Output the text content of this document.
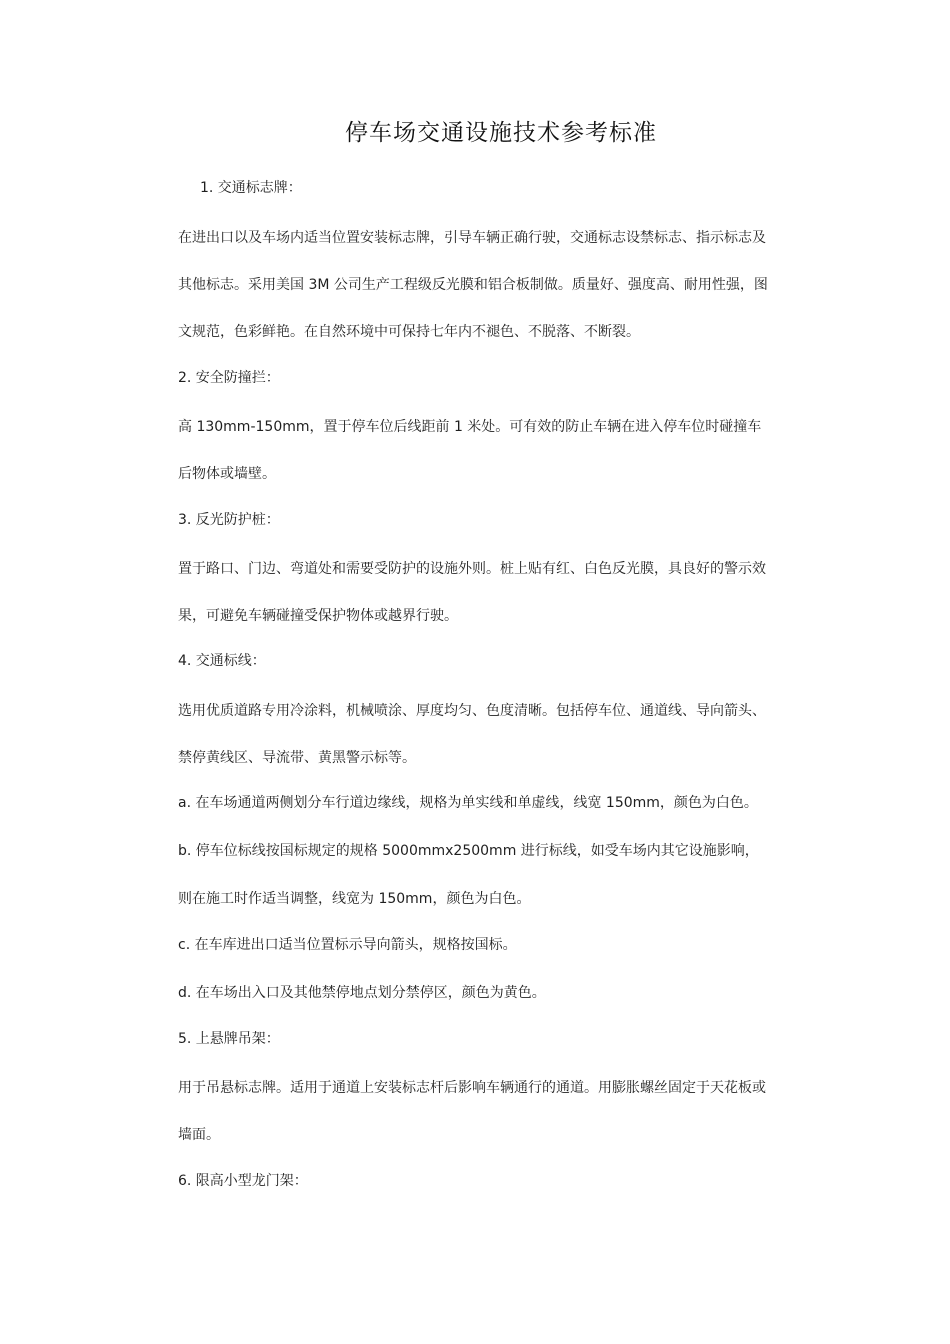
停车场交通设施技术参考标准
1. 交通标志牌：
在进出口以及车场内适当位置安装标志牌，引导车辆正确行驶，交通标志设禁标志、指示标志及
其他标志。采用美国 3M 公司生产工程级反光膜和铝合板制做。质量好、强度高、耐用性强，图
文规范，色彩鲜艳。在自然环境中可保持七年内不褪色、不脱落、不断裂。
2. 安全防撞拦：
高 130mm-150mm，置于停车位后线距前 1 米处。可有效的防止车辆在进入停车位时碰撞车
后物体或墙壁。
3. 反光防护桩：
置于路口、门边、弯道处和需要受防护的设施外则。桩上贴有红、白色反光膜，具良好的警示效
果，可避免车辆碰撞受保护物体或越界行驶。
4. 交通标线：
选用优质道路专用冷涂料，机械喷涂、厚度均匀、色度清晰。包括停车位、通道线、导向箭头、
禁停黄线区、导流带、黄黑警示标等。
a. 在车场通道两侧划分车行道边缘线，规格为单实线和单虚线，线宽 150mm，颜色为白色。
b. 停车位标线按国标规定的规格 5000mmx2500mm 进行标线，如受车场内其它设施影响，
则在施工时作适当调整，线宽为 150mm，颜色为白色。
c. 在车库进出口适当位置标示导向箭头，规格按国标。
d. 在车场出入口及其他禁停地点划分禁停区，颜色为黄色。
5. 上悬牌吊架：
用于吊悬标志牌。适用于通道上安装标志杆后影响车辆通行的通道。用膨胀螺丝固定于天花板或
墙面。
6. 限高小型龙门架：
